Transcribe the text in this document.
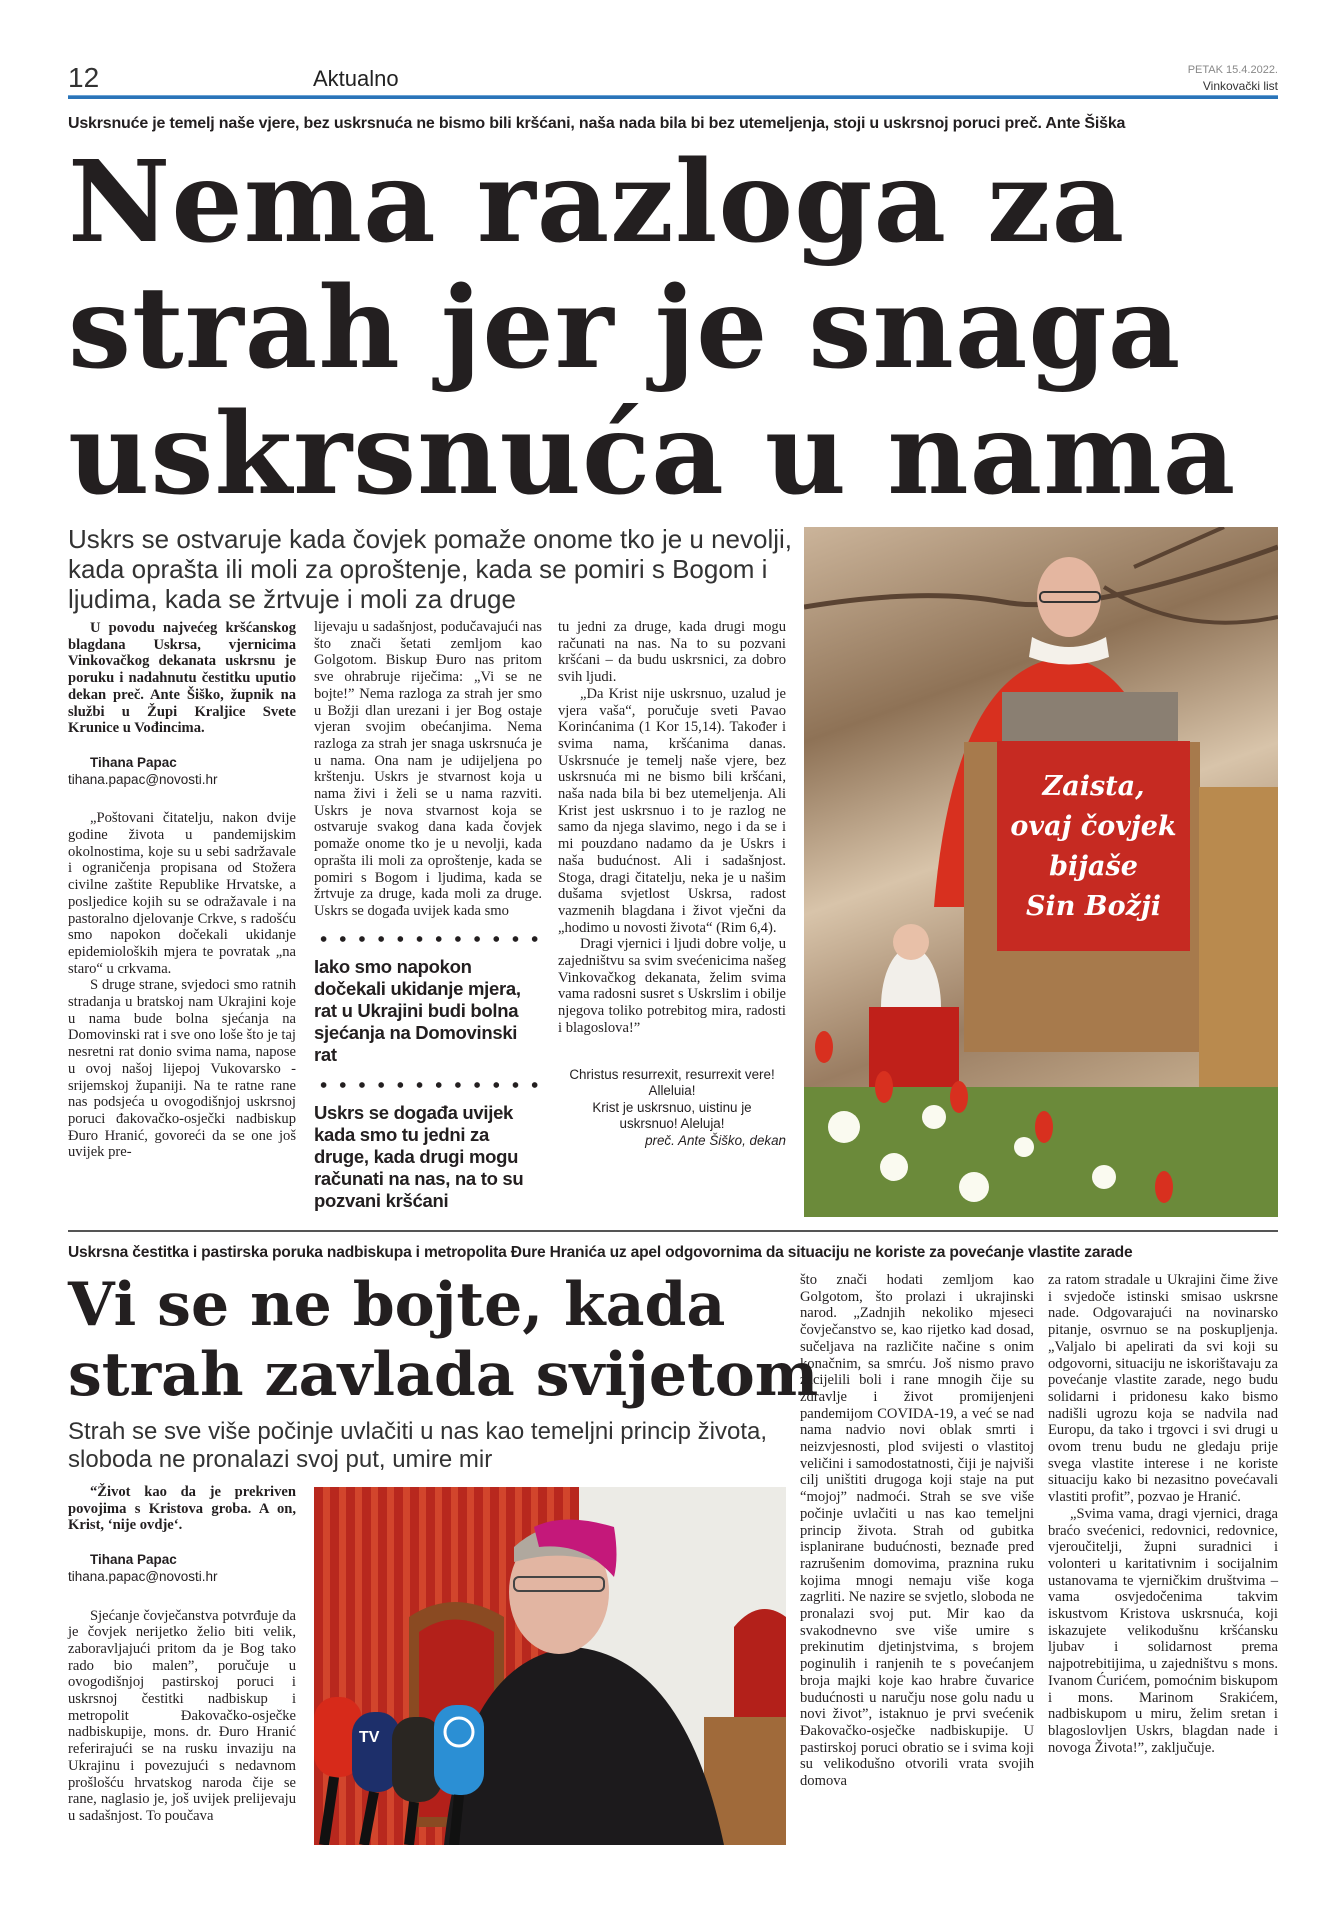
12	Aktualno	PETAK 15.4.2022.
Vinkovački list
Uskrsnuće je temelj naše vjere, bez uskrsnuća ne bismo bili kršćani, naša nada bila bi bez utemeljenja, stoji u uskrsnoj poruci preč. Ante Šiška
Nema razloga za
strah jer je snaga
uskrsnuća u nama
Uskrs se ostvaruje kada čovjek pomaže onome tko je u nevolji, kada oprašta ili moli za oproštenje, kada se pomiri s Bogom i ljudima, kada se žrtvuje i moli za druge

U povodu najvećeg kršćanskog blagdana Uskrsa, vjernicima Vinkovačkog dekanata uskrsnu je poruku i nadahnutu čestitku uputio dekan preč. Ante Šiško, župnik na službi u Župi Kraljice Svete Krunice u Vođincima.

Tihana Papac

tihana.papac@novosti.hr

„Poštovani čitatelju, nakon dvije godine života u pandemijskim okolnostima, koje su u sebi sadržavale i ograničenja propisana od Stožera civilne zaštite Republike Hrvatske, a posljedice kojih su se odražavale i na pastoralno djelovanje Crkve, s radošću smo napokon dočekali ukidanje epidemioloških mjera te povratak „na staro“ u crkvama.

S druge strane, svjedoci smo ratnih stradanja u bratskoj nam Ukrajini koje u nama bude bolna sjećanja na Domovinski rat i sve ono loše što je taj nesretni rat donio svima nama, napose u ovoj našoj lijepoj Vukovarsko - srijemskoj županiji. Na te ratne rane nas podsjeća u ovogodišnjoj uskrsnoj poruci đakovačko-osječki nadbiskup Đuro Hranić, govoreći da se one još uvijek pre-

lijevaju u sadašnjost, podučavajući nas što znači šetati zemljom kao Golgotom. Biskup Đuro nas pritom sve ohrabruje riječima: „Vi se ne bojte!” Nema razloga za strah jer smo u Božji dlan urezani i jer Bog ostaje vjeran svojim obećanjima. Nema razloga za strah jer snaga uskrsnuća je u nama. Ona nam je udijeljena po krštenju. Uskrs je stvarnost koja u nama živi i želi se u nama razviti. Uskrs je nova stvarnost koja se ostvaruje svakog dana kada čovjek pomaže onome tko je u nevolji, kada oprašta ili moli za oproštenje, kada se pomiri s Bogom i ljudima, kada se žrtvuje za druge, kada moli za druge. Uskrs se događa uvijek kada smo

Iako smo napokon dočekali ukidanje mjera, rat u Ukrajini budi bolna sjećanja na Domovinski rat
Uskrs se događa uvijek kada smo tu jedni za druge, kada drugi mogu računati na nas, na to su pozvani kršćani

tu jedni za druge, kada drugi mogu računati na nas. Na to su pozvani kršćani – da budu uskrsnici, za dobro svih ljudi.

„Da Krist nije uskrsnuo, uzalud je vjera vaša“, poručuje sveti Pavao Korinćanima (1 Kor 15,14). Također i svima nama, kršćanima danas. Uskrsnuće je temelj naše vjere, bez uskrsnuća mi ne bismo bili kršćani, naša nada bila bi bez utemeljenja. Ali Krist jest uskrsnuo i to je razlog ne samo da njega slavimo, nego i da se i mi pouzdano nadamo da je Uskrs i naša budućnost. Ali i sadašnjost. Stoga, dragi čitatelju, neka je u našim dušama svjetlost Uskrsa, radost vazmenih blagdana i život vječni da „hodimo u novosti života“ (Rim 6,4).

Dragi vjernici i ljudi dobre volje, u zajedništvu sa svim svećenicima našeg Vinkovačkog dekanata, želim svima vama radosni susret s Uskrslim i obilje njegova toliko potrebitog mira, radosti i blagoslova!”

Christus resurrexit, resurrexit vere!
Alleluia!
Krist je uskrsnuo, uistinu je
uskrsnuo! Aleluja!
preč. Ante Šiško, dekan
Zaista,
ovaj čovjek
bijaše
Sin Božji
Uskrsna čestitka i pastirska poruka nadbiskupa i metropolita Đure Hranića uz apel odgovornima da situaciju ne koriste za povećanje vlastite zarade
Vi se ne bojte, kada
strah zavlada svijetom
Strah se sve više počinje uvlačiti u nas kao temeljni princip života, sloboda ne pronalazi svoj put, umire mir

“Život kao da je prekriven povojima s Kristova groba. A on, Krist, ‘nije ovdje‘.

Tihana Papac

tihana.papac@novosti.hr

Sjećanje čovječanstva potvrđuje da je čovjek nerijetko želio biti velik, zaboravljajući pritom da je Bog tako rado bio malen”, poručuje u ovogodišnjoj pastirskoj poruci i uskrsnoj čestitki nadbiskup i metropolit Đakovačko-osječke nadbiskupije, mons. dr. Đuro Hranić referirajući se na rusku invaziju na Ukrajinu i povezujući s nedavnom prošlošću hrvatskog naroda čije se rane, naglasio je, još uvijek prelijevaju u sadašnjost. To poučava

TV

što znači hodati zemljom kao Golgotom, što prolazi i ukrajinski narod. „Zadnjih nekoliko mjeseci čovječanstvo se, kao rijetko kad dosad, sučeljava na različite načine s onim konačnim, sa smrću. Još nismo pravo zacijelili boli i rane mnogih čije su zdravlje i život promijenjeni pandemijom COVIDA-19, a već se nad nama nadvio novi oblak smrti i neizvjesnosti, plod svijesti o vlastitoj veličini i samodostatnosti, čiji je najviši cilj uništiti drugoga koji staje na put “mojoj” nadmoći. Strah se sve više počinje uvlačiti u nas kao temeljni princip života. Strah od gubitka isplanirane budućnosti, beznađe pred razrušenim domovima, praznina ruku kojima mnogi nemaju više koga zagrliti. Ne nazire se svjetlo, sloboda ne pronalazi svoj put. Mir kao da svakodnevno sve više umire s prekinutim djetinjstvima, s brojem poginulih i ranjenih te s povećanjem broja majki koje kao hrabre čuvarice budućnosti u naručju nose golu nadu u novi život”, istaknuo je prvi svećenik Đakovačko-osječke nadbiskupije. U pastirskoj poruci obratio se i svima koji su velikodušno otvorili vrata svojih domova

za ratom stradale u Ukrajini čime žive i svjedoče istinski smisao uskrsne nade. Odgovarajući na novinarsko pitanje, osvrnuo se na poskupljenja. „Valjalo bi apelirati da svi koji su odgovorni, situaciju ne iskorištavaju za povećanje vlastite zarade, nego budu solidarni i pridonesu kako bismo nadišli ugrozu koja se nadvila nad Europu, da tako i trgovci i svi drugi u ovom trenu budu ne gledaju prije svega vlastite interese i ne koriste situaciju kako bi nezasitno povećavali vlastiti profit”, pozvao je Hranić.

„Svima vama, dragi vjernici, draga braćo svećenici, redovnici, redovnice, vjeroučitelji, župni suradnici i volonteri u karitativnim i socijalnim ustanovama te vjerničkim društvima – vama osvjedočenima takvim iskustvom Kristova uskrsnuća, koji iskazujete velikodušnu kršćansku ljubav i solidarnost prema najpotrebitijima, u zajedništvu s mons. Ivanom Ćurićem, pomoćnim biskupom i mons. Marinom Srakićem, nadbiskupom u miru, želim sretan i blagoslovljen Uskrs, blagdan nade i novoga Života!”, zaključuje.
